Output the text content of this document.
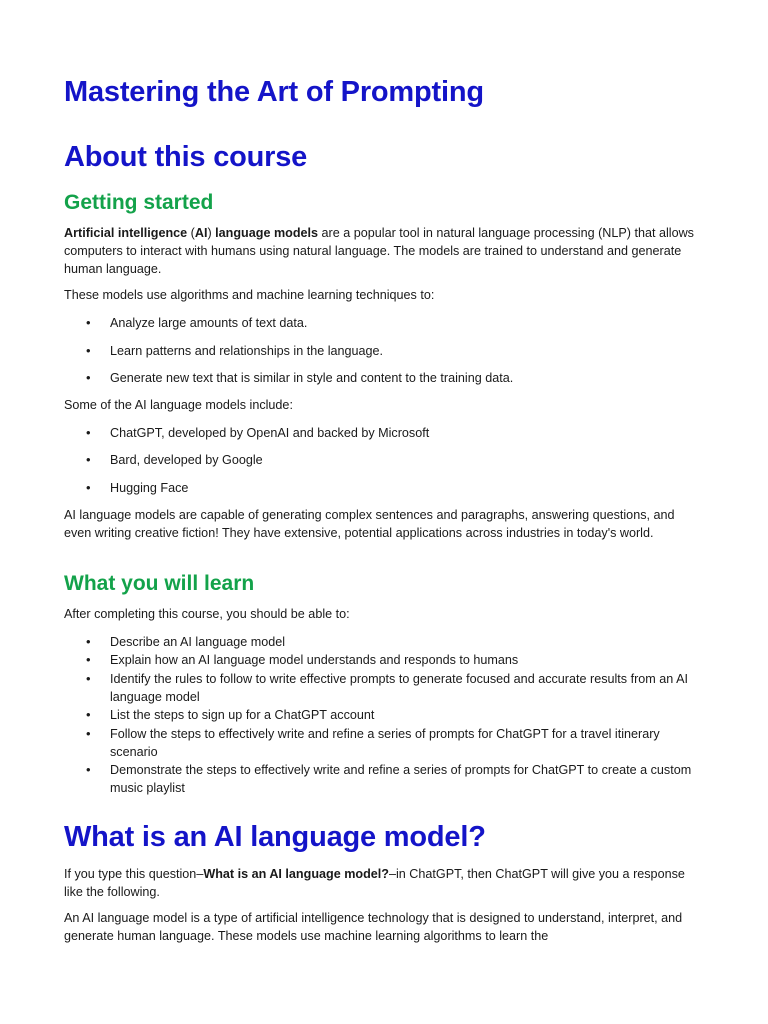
Mastering the Art of Prompting
About this course
Getting started

Artificial intelligence (AI) language models are a popular tool in natural language processing (NLP) that allows computers to interact with humans using natural language. The models are trained to understand and generate human language.

These models use algorithms and machine learning techniques to:

•	Analyze large amounts of text data.

•	Learn patterns and relationships in the language.

•	Generate new text that is similar in style and content to the training data.

Some of the AI language models include:

•	ChatGPT, developed by OpenAI and backed by Microsoft

•	Bard, developed by Google

•	Hugging Face

AI language models are capable of generating complex sentences and paragraphs, answering questions, and even writing creative fiction! They have extensive, potential applications across industries in today's world.

What you will learn

After completing this course, you should be able to:

•	Describe an AI language model

•	Explain how an AI language model understands and responds to humans

•	Identify the rules to follow to write effective prompts to generate focused and accurate results from an AI language model

•	List the steps to sign up for a ChatGPT account

•	Follow the steps to effectively write and refine a series of prompts for ChatGPT for a travel itinerary scenario

•	Demonstrate the steps to effectively write and refine a series of prompts for ChatGPT to create a custom music playlist

What is an AI language model?

If you type this question–What is an AI language model?–in ChatGPT, then ChatGPT will give you a response like the following.

An AI language model is a type of artificial intelligence technology that is designed to understand, interpret, and generate human language. These models use machine learning algorithms to learn the
